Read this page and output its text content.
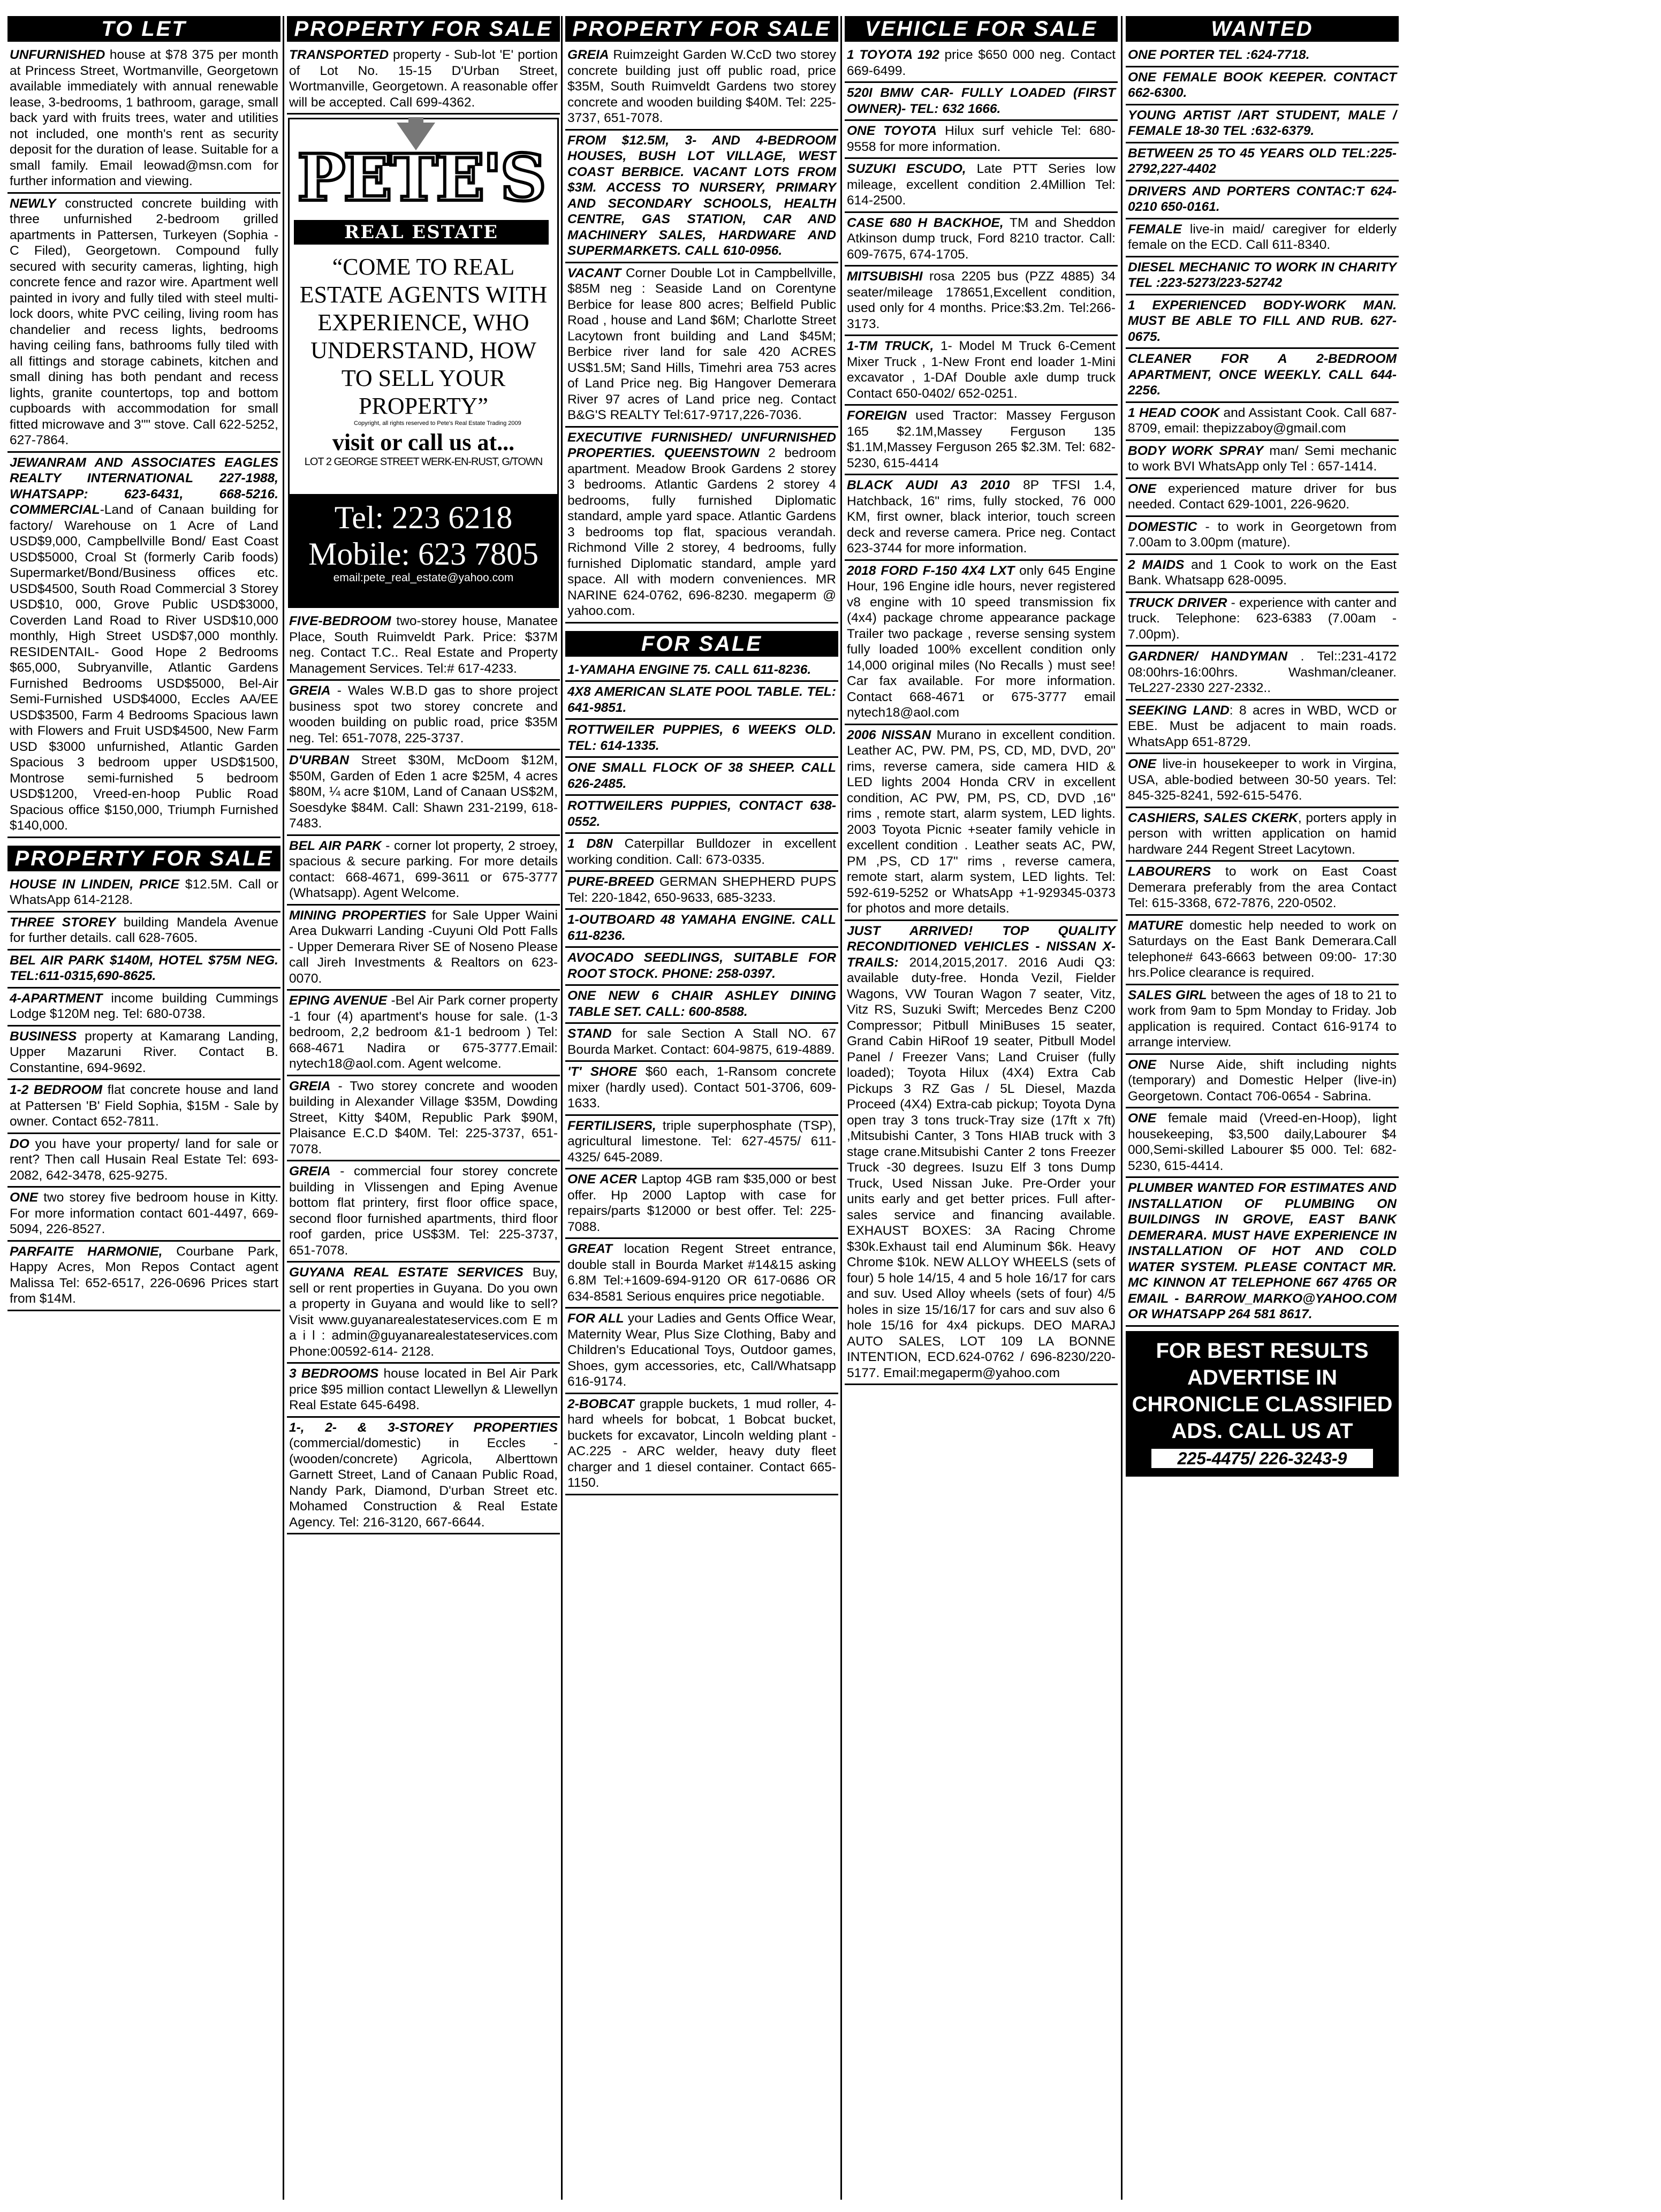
TO LET

UNFURNISHED house at $78 375 per month at Princess Street, Wortmanville, Georgetown available immediately with annual renewable lease, 3-bedrooms, 1 bathroom, garage, small back yard with fruits trees, water and utilities not included, one month's rent as security deposit for the duration of lease. Suitable for a small family. Email leowad@msn.com for further information and viewing.

NEWLY constructed concrete building with three unfurnished 2-bedroom grilled apartments in Pattersen, Turkeyen (Sophia - C Filed), Georgetown. Compound fully secured with security cameras, lighting, high concrete fence and razor wire. Apartment well painted in ivory and fully tiled with steel multi-lock doors, white PVC ceiling, living room has chandelier and recess lights, bedrooms having ceiling fans, bathrooms fully tiled with all fittings and storage cabinets, kitchen and small dining has both pendant and recess lights, granite countertops, top and bottom cupboards with accommodation for small fitted microwave and 3"" stove. Call 622-5252, 627-7864.

JEWANRAM AND ASSOCIATES EAGLES REALTY INTERNATIONAL 227-1988, WHATSAPP: 623-6431, 668-5216. COMMERCIAL-Land of Canaan building for factory/ Warehouse on 1 Acre of Land USD$9,000, Campbellville Bond/ East Coast USD$5000, Croal St (formerly Carib foods) Supermarket/Bond/Business offices etc. USD$4500, South Road Commercial 3 Storey USD$10, 000, Grove Public USD$3000, Coverden Land Road to River USD$10,000 monthly, High Street USD$7,000 monthly. RESIDENTAIL- Good Hope 2 Bedrooms $65,000, Subryanville, Atlantic Gardens Furnished Bedrooms USD$5000, Bel-Air Semi-Furnished USD$4000, Eccles AA/EE USD$3500, Farm 4 Bedrooms Spacious lawn with Flowers and Fruit USD$4500, New Farm USD $3000 unfurnished, Atlantic Garden Spacious 3 bedroom upper USD$1500, Montrose semi-furnished 5 bedroom USD$1200, Vreed-en-hoop Public Road Spacious office $150,000, Triumph Furnished $140,000.

PROPERTY FOR SALE

HOUSE IN LINDEN, PRICE $12.5M. Call or WhatsApp 614-2128.

THREE STOREY building Mandela Avenue for further details. call 628-7605.

BEL AIR PARK $140M, HOTEL $75M NEG. TEL:611-0315,690-8625.

4-APARTMENT income building Cummings Lodge $120M neg. Tel: 680-0738.

BUSINESS property at Kamarang Landing, Upper Mazaruni River. Contact B. Constantine, 694-9692.

1-2 BEDROOM flat concrete house and land at Pattersen 'B' Field Sophia, $15M - Sale by owner. Contact 652-7811.

DO you have your property/ land for sale or rent? Then call Husain Real Estate Tel: 693-2082, 642-3478, 625-9275.

ONE two storey five bedroom house in Kitty. For more information contact 601-4497, 669-5094, 226-8527.

PARFAITE HARMONIE, Courbane Park, Happy Acres, Mon Repos Contact agent Malissa Tel: 652-6517, 226-0696 Prices start from $14M.

PROPERTY FOR SALE

TRANSPORTED property - Sub-lot 'E' portion of Lot No. 15-15 D'Urban Street, Wortmanville, Georgetown. A reasonable offer will be accepted. Call 699-4362.

PETE'S
REAL ESTATE
“COME TO REAL ESTATE AGENTS WITH EXPERIENCE, WHO UNDERSTAND, HOW TO SELL YOUR PROPERTY”
Copyright, all rights reserved to Pete's Real Estate Trading 2009
visit or call us at...
LOT 2 GEORGE STREET WERK-EN-RUST, G/TOWN
Tel: 223 6218
Mobile: 623 7805
email:pete_real_estate@yahoo.com

FIVE-BEDROOM two-storey house, Manatee Place, South Ruimveldt Park. Price: $37M neg. Contact T.C.. Real Estate and Property Management Services. Tel:# 617-4233.

GREIA - Wales W.B.D gas to shore project business spot two storey concrete and wooden building on public road, price $35M neg. Tel: 651-7078, 225-3737.

D'URBAN Street $30M, McDoom $12M, $50M, Garden of Eden 1 acre $25M, 4 acres $80M, ¼ acre $10M, Land of Canaan US$2M, Soesdyke $84M. Call: Shawn 231-2199, 618-7483.

BEL AIR PARK - corner lot property, 2 stroey, spacious & secure parking. For more details contact: 668-4671, 699-3611 or 675-3777 (Whatsapp). Agent Welcome.

MINING PROPERTIES for Sale Upper Waini Area Dukwarri Landing -Cuyuni Old Pott Falls - Upper Demerara River SE of Noseno Please call Jireh Investments & Realtors on 623-0070.

EPING AVENUE -Bel Air Park corner property -1 four (4) apartment's house for sale. (1-3 bedroom, 2,2 bedroom &1-1 bedroom ) Tel: 668-4671 Nadira or 675-3777.Email: nytech18@aol.com. Agent welcome.

GREIA - Two storey concrete and wooden building in Alexander Village $35M, Dowding Street, Kitty $40M, Republic Park $90M, Plaisance E.C.D $40M. Tel: 225-3737, 651-7078.

GREIA - commercial four storey concrete building in Vlissengen and Eping Avenue bottom flat printery, first floor office space, second floor furnished apartments, third floor roof garden, price US$3M. Tel: 225-3737, 651-7078.

GUYANA REAL ESTATE SERVICES Buy, sell or rent properties in Guyana. Do you own a property in Guyana and would like to sell? Visit www.guyanarealestateservices.com E m a i l : admin@guyanarealestateservices.com Phone:00592-614- 2128.

3 BEDROOMS house located in Bel Air Park price $95 million contact Llewellyn & Llewellyn Real Estate 645-6498.

1-, 2- & 3-STOREY PROPERTIES (commercial/domestic) in Eccles - (wooden/concrete) Agricola, Alberttown Garnett Street, Land of Canaan Public Road, Nandy Park, Diamond, D'urban Street etc. Mohamed Construction & Real Estate Agency. Tel: 216-3120, 667-6644.

PROPERTY FOR SALE

GREIA Ruimzeight Garden W.CcD two storey concrete building just off public road, price $35M, South Ruimveldt Gardens two storey concrete and wooden building $40M. Tel: 225-3737, 651-7078.

FROM $12.5M, 3- AND 4-BEDROOM HOUSES, BUSH LOT VILLAGE, WEST COAST BERBICE. VACANT LOTS FROM $3M. ACCESS TO NURSERY, PRIMARY AND SECONDARY SCHOOLS, HEALTH CENTRE, GAS STATION, CAR AND MACHINERY SALES, HARDWARE AND SUPERMARKETS. CALL 610-0956.

VACANT Corner Double Lot in Campbellville, $85M neg : Seaside Land on Corentyne Berbice for lease 800 acres; Belfield Public Road , house and Land $6M; Charlotte Street Lacytown front building and Land $45M; Berbice river land for sale 420 ACRES US$1.5M; Sand Hills, Timehri area 753 acres of Land Price neg. Big Hangover Demerara River 97 acres of Land price neg. Contact B&G'S REALTY Tel:617-9717,226-7036.

EXECUTIVE FURNISHED/ UNFURNISHED PROPERTIES. QUEENSTOWN 2 bedroom apartment. Meadow Brook Gardens 2 storey 3 bedrooms. Atlantic Gardens 2 storey 4 bedrooms, fully furnished Diplomatic standard, ample yard space. Atlantic Gardens 3 bedrooms top flat, spacious verandah. Richmond Ville 2 storey, 4 bedrooms, fully furnished Diplomatic standard, ample yard space. All with modern conveniences. MR NARINE 624-0762, 696-8230. megaperm @ yahoo.com.

FOR SALE

1-YAMAHA ENGINE 75. CALL 611-8236.

4X8 AMERICAN SLATE POOL TABLE. TEL: 641-9851.

ROTTWEILER PUPPIES, 6 WEEKS OLD. TEL: 614-1335.

ONE SMALL FLOCK OF 38 SHEEP. CALL 626-2485.

ROTTWEILERS PUPPIES, CONTACT 638-0552.

1 D8N Caterpillar Bulldozer in excellent working condition. Call: 673-0335.

PURE-BREED GERMAN SHEPHERD PUPS Tel: 220-1842, 650-9633, 685-3233.

1-OUTBOARD 48 YAMAHA ENGINE. CALL 611-8236.

AVOCADO SEEDLINGS, SUITABLE FOR ROOT STOCK. PHONE: 258-0397.

ONE NEW 6 CHAIR ASHLEY DINING TABLE SET. CALL: 600-8588.

STAND for sale Section A Stall NO. 67 Bourda Market. Contact: 604-9875, 619-4889.

'T' SHORE $60 each, 1-Ransom concrete mixer (hardly used). Contact 501-3706, 609-1633.

FERTILISERS, triple superphosphate (TSP), agricultural limestone. Tel: 627-4575/ 611-4325/ 645-2089.

ONE ACER Laptop 4GB ram $35,000 or best offer. Hp 2000 Laptop with case for repairs/parts $12000 or best offer. Tel: 225-7088.

GREAT location Regent Street entrance, double stall in Bourda Market #14&15 asking 6.8M Tel:+1609-694-9120 OR 617-0686 OR 634-8581 Serious enquires price negotiable.

FOR ALL your Ladies and Gents Office Wear, Maternity Wear, Plus Size Clothing, Baby and Children's Educational Toys, Outdoor games, Shoes, gym accessories, etc, Call/Whatsapp 616-9174.

2-BOBCAT grapple buckets, 1 mud roller, 4-hard wheels for bobcat, 1 Bobcat bucket, buckets for excavator, Lincoln welding plant - AC.225 - ARC welder, heavy duty fleet charger and 1 diesel container. Contact 665-1150.

VEHICLE FOR SALE

1 TOYOTA 192 price $650 000 neg. Contact 669-6499.

520I BMW CAR- FULLY LOADED (FIRST OWNER)- TEL: 632 1666.

ONE TOYOTA Hilux surf vehicle Tel: 680-9558 for more information.

SUZUKI ESCUDO, Late PTT Series low mileage, excellent condition 2.4Million Tel: 614-2500.

CASE 680 H BACKHOE, TM and Sheddon Atkinson dump truck, Ford 8210 tractor. Call: 609-7675, 674-1705.

MITSUBISHI rosa 2205 bus (PZZ 4885) 34 seater/mileage 178651,Excellent condition, used only for 4 months. Price:$3.2m. Tel:266-3173.

1-TM TRUCK, 1- Model M Truck 6-Cement Mixer Truck , 1-New Front end loader 1-Mini excavator , 1-DAf Double axle dump truck Contact 650-0402/ 652-0251.

FOREIGN used Tractor: Massey Ferguson 165 $2.1M,Massey Ferguson 135 $1.1M,Massey Ferguson 265 $2.3M. Tel: 682-5230, 615-4414

BLACK AUDI A3 2010 8P TFSI 1.4, Hatchback, 16" rims, fully stocked, 76 000 KM, first owner, black interior, touch screen deck and reverse camera. Price neg. Contact 623-3744 for more information.

2018 FORD F-150 4X4 LXT only 645 Engine Hour, 196 Engine idle hours, never registered v8 engine with 10 speed transmission fix (4x4) package chrome appearance package Trailer two package , reverse sensing system fully loaded 100% excellent condition only 14,000 original miles (No Recalls ) must see! Car fax available. For more information. Contact 668-4671 or 675-3777 email nytech18@aol.com

2006 NISSAN Murano in excellent condition. Leather AC, PW. PM, PS, CD, MD, DVD, 20" rims, reverse camera, side camera HID & LED lights 2004 Honda CRV in excellent condition, AC PW, PM, PS, CD, DVD ,16" rims , remote start, alarm system, LED lights. 2003 Toyota Picnic +seater family vehicle in excellent condition . Leather seats AC, PW, PM ,PS, CD 17" rims , reverse camera, remote start, alarm system, LED lights. Tel: 592-619-5252 or WhatsApp +1-929345-0373 for photos and more details.

JUST ARRIVED! TOP QUALITY RECONDITIONED VEHICLES - NISSAN X-TRAILS: 2014,2015,2017. 2016 Audi Q3: available duty-free. Honda Vezil, Fielder Wagons, VW Touran Wagon 7 seater, Vitz, Vitz RS, Suzuki Swift; Mercedes Benz C200 Compressor; Pitbull MiniBuses 15 seater, Grand Cabin HiRoof 19 seater, Pitbull Model Panel / Freezer Vans; Land Cruiser (fully loaded); Toyota Hilux (4X4) Extra Cab Pickups 3 RZ Gas / 5L Diesel, Mazda Proceed (4X4) Extra-cab pickup; Toyota Dyna open tray 3 tons truck-Tray size (17ft x 7ft) ,Mitsubishi Canter, 3 Tons HIAB truck with 3 stage crane.Mitsubishi Canter 2 tons Freezer Truck -30 degrees. Isuzu Elf 3 tons Dump Truck, Used Nissan Juke. Pre-Order your units early and get better prices. Full after-sales service and financing available. EXHAUST BOXES: 3A Racing Chrome $30k.Exhaust tail end Aluminum $6k. Heavy Chrome $10k. NEW ALLOY WHEELS (sets of four) 5 hole 14/15, 4 and 5 hole 16/17 for cars and suv. Used Alloy wheels (sets of four) 4/5 holes in size 15/16/17 for cars and suv also 6 hole 15/16 for 4x4 pickups. DEO MARAJ AUTO SALES, LOT 109 LA BONNE INTENTION, ECD.624-0762 / 696-8230/220-5177. Email:megaperm@yahoo.com

WANTED

ONE PORTER TEL :624-7718.

ONE FEMALE BOOK KEEPER. CONTACT 662-6300.

YOUNG ARTIST /ART STUDENT, MALE / FEMALE 18-30 TEL :632-6379.

BETWEEN 25 TO 45 YEARS OLD TEL:225-2792,227-4402

DRIVERS AND PORTERS CONTAC:T 624-0210 650-0161.

FEMALE live-in maid/ caregiver for elderly female on the ECD. Call 611-8340.

DIESEL MECHANIC TO WORK IN CHARITY TEL :223-5273/223-52742

1 EXPERIENCED BODY-WORK MAN. MUST BE ABLE TO FILL AND RUB. 627-0675.

CLEANER FOR A 2-BEDROOM APARTMENT, ONCE WEEKLY. CALL 644-2256.

1 HEAD COOK and Assistant Cook. Call 687-8709, email: thepizzaboy@gmail.com

BODY WORK SPRAY man/ Semi mechanic to work BVI WhatsApp only Tel : 657-1414.

ONE experienced mature driver for bus needed. Contact 629-1001, 226-9620.

DOMESTIC - to work in Georgetown from 7.00am to 3.00pm (mature).

2 MAIDS and 1 Cook to work on the East Bank. Whatsapp 628-0095.

TRUCK DRIVER - experience with canter and truck. Telephone: 623-6383 (7.00am - 7.00pm).

GARDNER/ HANDYMAN . Tel::231-4172 08:00hrs-16:00hrs. Washman/cleaner. TeL227-2330 227-2332..

SEEKING LAND: 8 acres in WBD, WCD or EBE. Must be adjacent to main roads. WhatsApp 651-8729.

ONE live-in housekeeper to work in Virgina, USA, able-bodied between 30-50 years. Tel: 845-325-8241, 592-615-5476.

CASHIERS, SALES CKERK, porters apply in person with written application on hamid hardware 244 Regent Street Lacytown.

LABOURERS to work on East Coast Demerara preferably from the area Contact Tel: 615-3368, 672-7876, 220-0502.

MATURE domestic help needed to work on Saturdays on the East Bank Demerara.Call telephone# 643-6663 between 09:00- 17:30 hrs.Police clearance is required.

SALES GIRL between the ages of 18 to 21 to work from 9am to 5pm Monday to Friday. Job application is required. Contact 616-9174 to arrange interview.

ONE Nurse Aide, shift including nights (temporary) and Domestic Helper (live-in) Georgetown. Contact 706-0654 - Sabrina.

ONE female maid (Vreed-en-Hoop), light housekeeping, $3,500 daily,Labourer $4 000,Semi-skilled Labourer $5 000. Tel: 682-5230, 615-4414.

PLUMBER WANTED FOR ESTIMATES AND INSTALLATION OF PLUMBING ON BUILDINGS IN GROVE, EAST BANK DEMERARA. MUST HAVE EXPERIENCE IN INSTALLATION OF HOT AND COLD WATER SYSTEM. PLEASE CONTACT MR. MC KINNON AT TELEPHONE 667 4765 OR EMAIL - BARROW_MARKO@YAHOO.COM OR WHATSAPP 264 581 8617.

FOR BEST RESULTS ADVERTISE IN CHRONICLE CLASSIFIED ADS. CALL US AT
225-4475/ 226-3243-9
